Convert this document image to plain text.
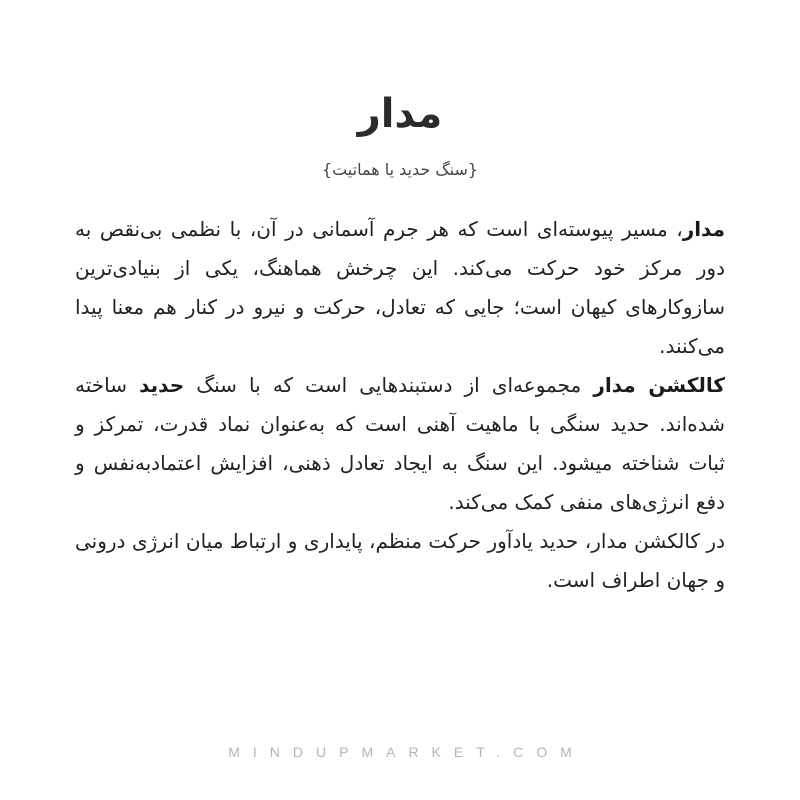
مدار
{سنگ حدید یا هماتیت}

مدار، مسیر پیوسته‌ای است که هر جرم آسمانی در آن، با نظمی بی‌نقص به دور مرکز خود حرکت می‌کند. این چرخش هماهنگ، یکی از بنیادی‌ترین سازوکارهای کیهان است؛ جایی که تعادل، حرکت و نیرو در کنار هم معنا پیدا می‌کنند.

کالکشن مدار مجموعه‌ای از دستبندهایی است که با سنگ حدید ساخته شده‌اند. حدید سنگی با ماهیت آهنی است که به‌عنوان نماد قدرت، تمرکز و ثبات شناخته میشود. این سنگ به ایجاد تعادل ذهنی، افزایش اعتمادبه‌نفس و دفع انرژی‌های منفی کمک می‌کند.

در کالکشن مدار، حدید یادآور حرکت منظم، پایداری و ارتباط میان انرژی درونی و جهان اطراف است.

MINDUPMARKET.COM
